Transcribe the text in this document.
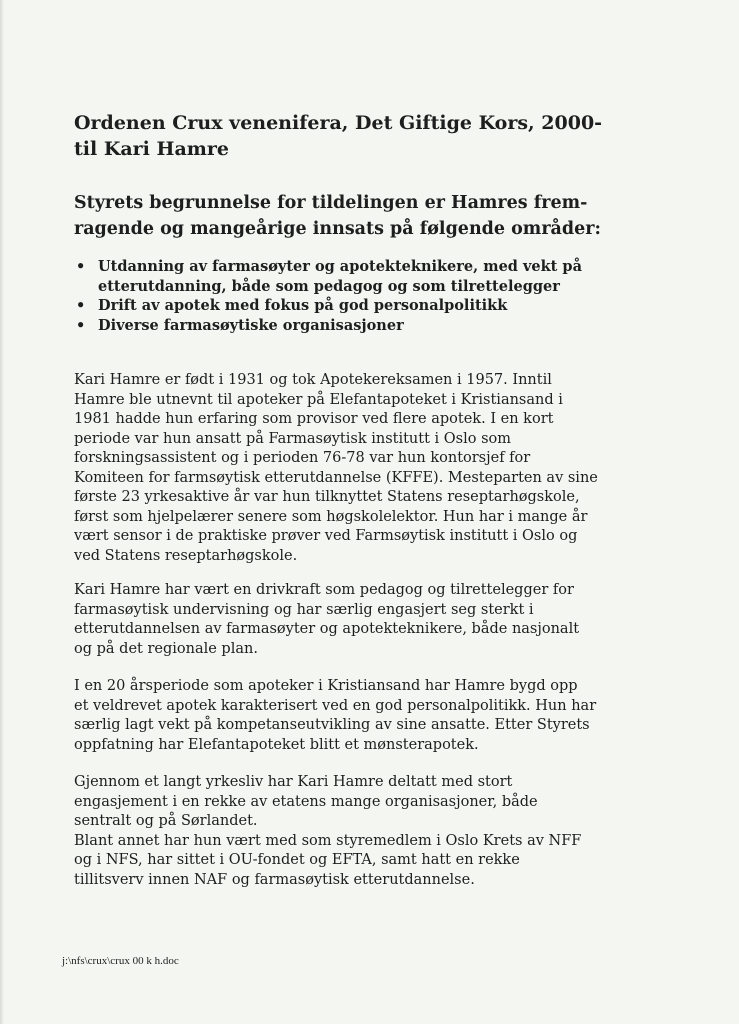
Ordenen Crux venenifera, Det Giftige Kors, 2000-
til Kari Hamre
Styrets begrunnelse for tildelingen er Hamres frem-
ragende og mangeårige innsats på følgende områder:
• Utdanning av farmasøyter og apotekteknikere, med vekt på
etterutdanning, både som pedagog og som tilrettelegger
• Drift av apotek med fokus på god personalpolitikk
• Diverse farmasøytiske organisasjoner

Kari Hamre er født i 1931 og tok Apotekereksamen i 1957. Inntil
Hamre ble utnevnt til apoteker på Elefantapoteket i Kristiansand i
1981 hadde hun erfaring som provisor ved flere apotek. I en kort
periode var hun ansatt på Farmasøytisk institutt i Oslo som
forskningsassistent og i perioden 76-78 var hun kontorsjef for
Komiteen for farmsøytisk etterutdannelse (KFFE). Mesteparten av sine
første 23 yrkesaktive år var hun tilknyttet Statens reseptarhøgskole,
først som hjelpelærer senere som høgskolelektor. Hun har i mange år
vært sensor i de praktiske prøver ved Farmsøytisk institutt i Oslo og
ved Statens reseptarhøgskole.

Kari Hamre har vært en drivkraft som pedagog og tilrettelegger for
farmasøytisk undervisning og har særlig engasjert seg sterkt i
etterutdannelsen av farmasøyter og apotekteknikere, både nasjonalt
og på det regionale plan.

I en 20 årsperiode som apoteker i Kristiansand har Hamre bygd opp
et veldrevet apotek karakterisert ved en god personalpolitikk. Hun har
særlig lagt vekt på kompetanseutvikling av sine ansatte. Etter Styrets
oppfatning har Elefantapoteket blitt et mønsterapotek.

Gjennom et langt yrkesliv har Kari Hamre deltatt med stort
engasjement i en rekke av etatens mange organisasjoner, både
sentralt og på Sørlandet.
Blant annet har hun vært med som styremedlem i Oslo Krets av NFF
og i NFS, har sittet i OU-fondet og EFTA, samt hatt en rekke
tillitsverv innen NAF og farmasøytisk etterutdannelse.

j:\nfs\crux\crux 00 k h.doc
